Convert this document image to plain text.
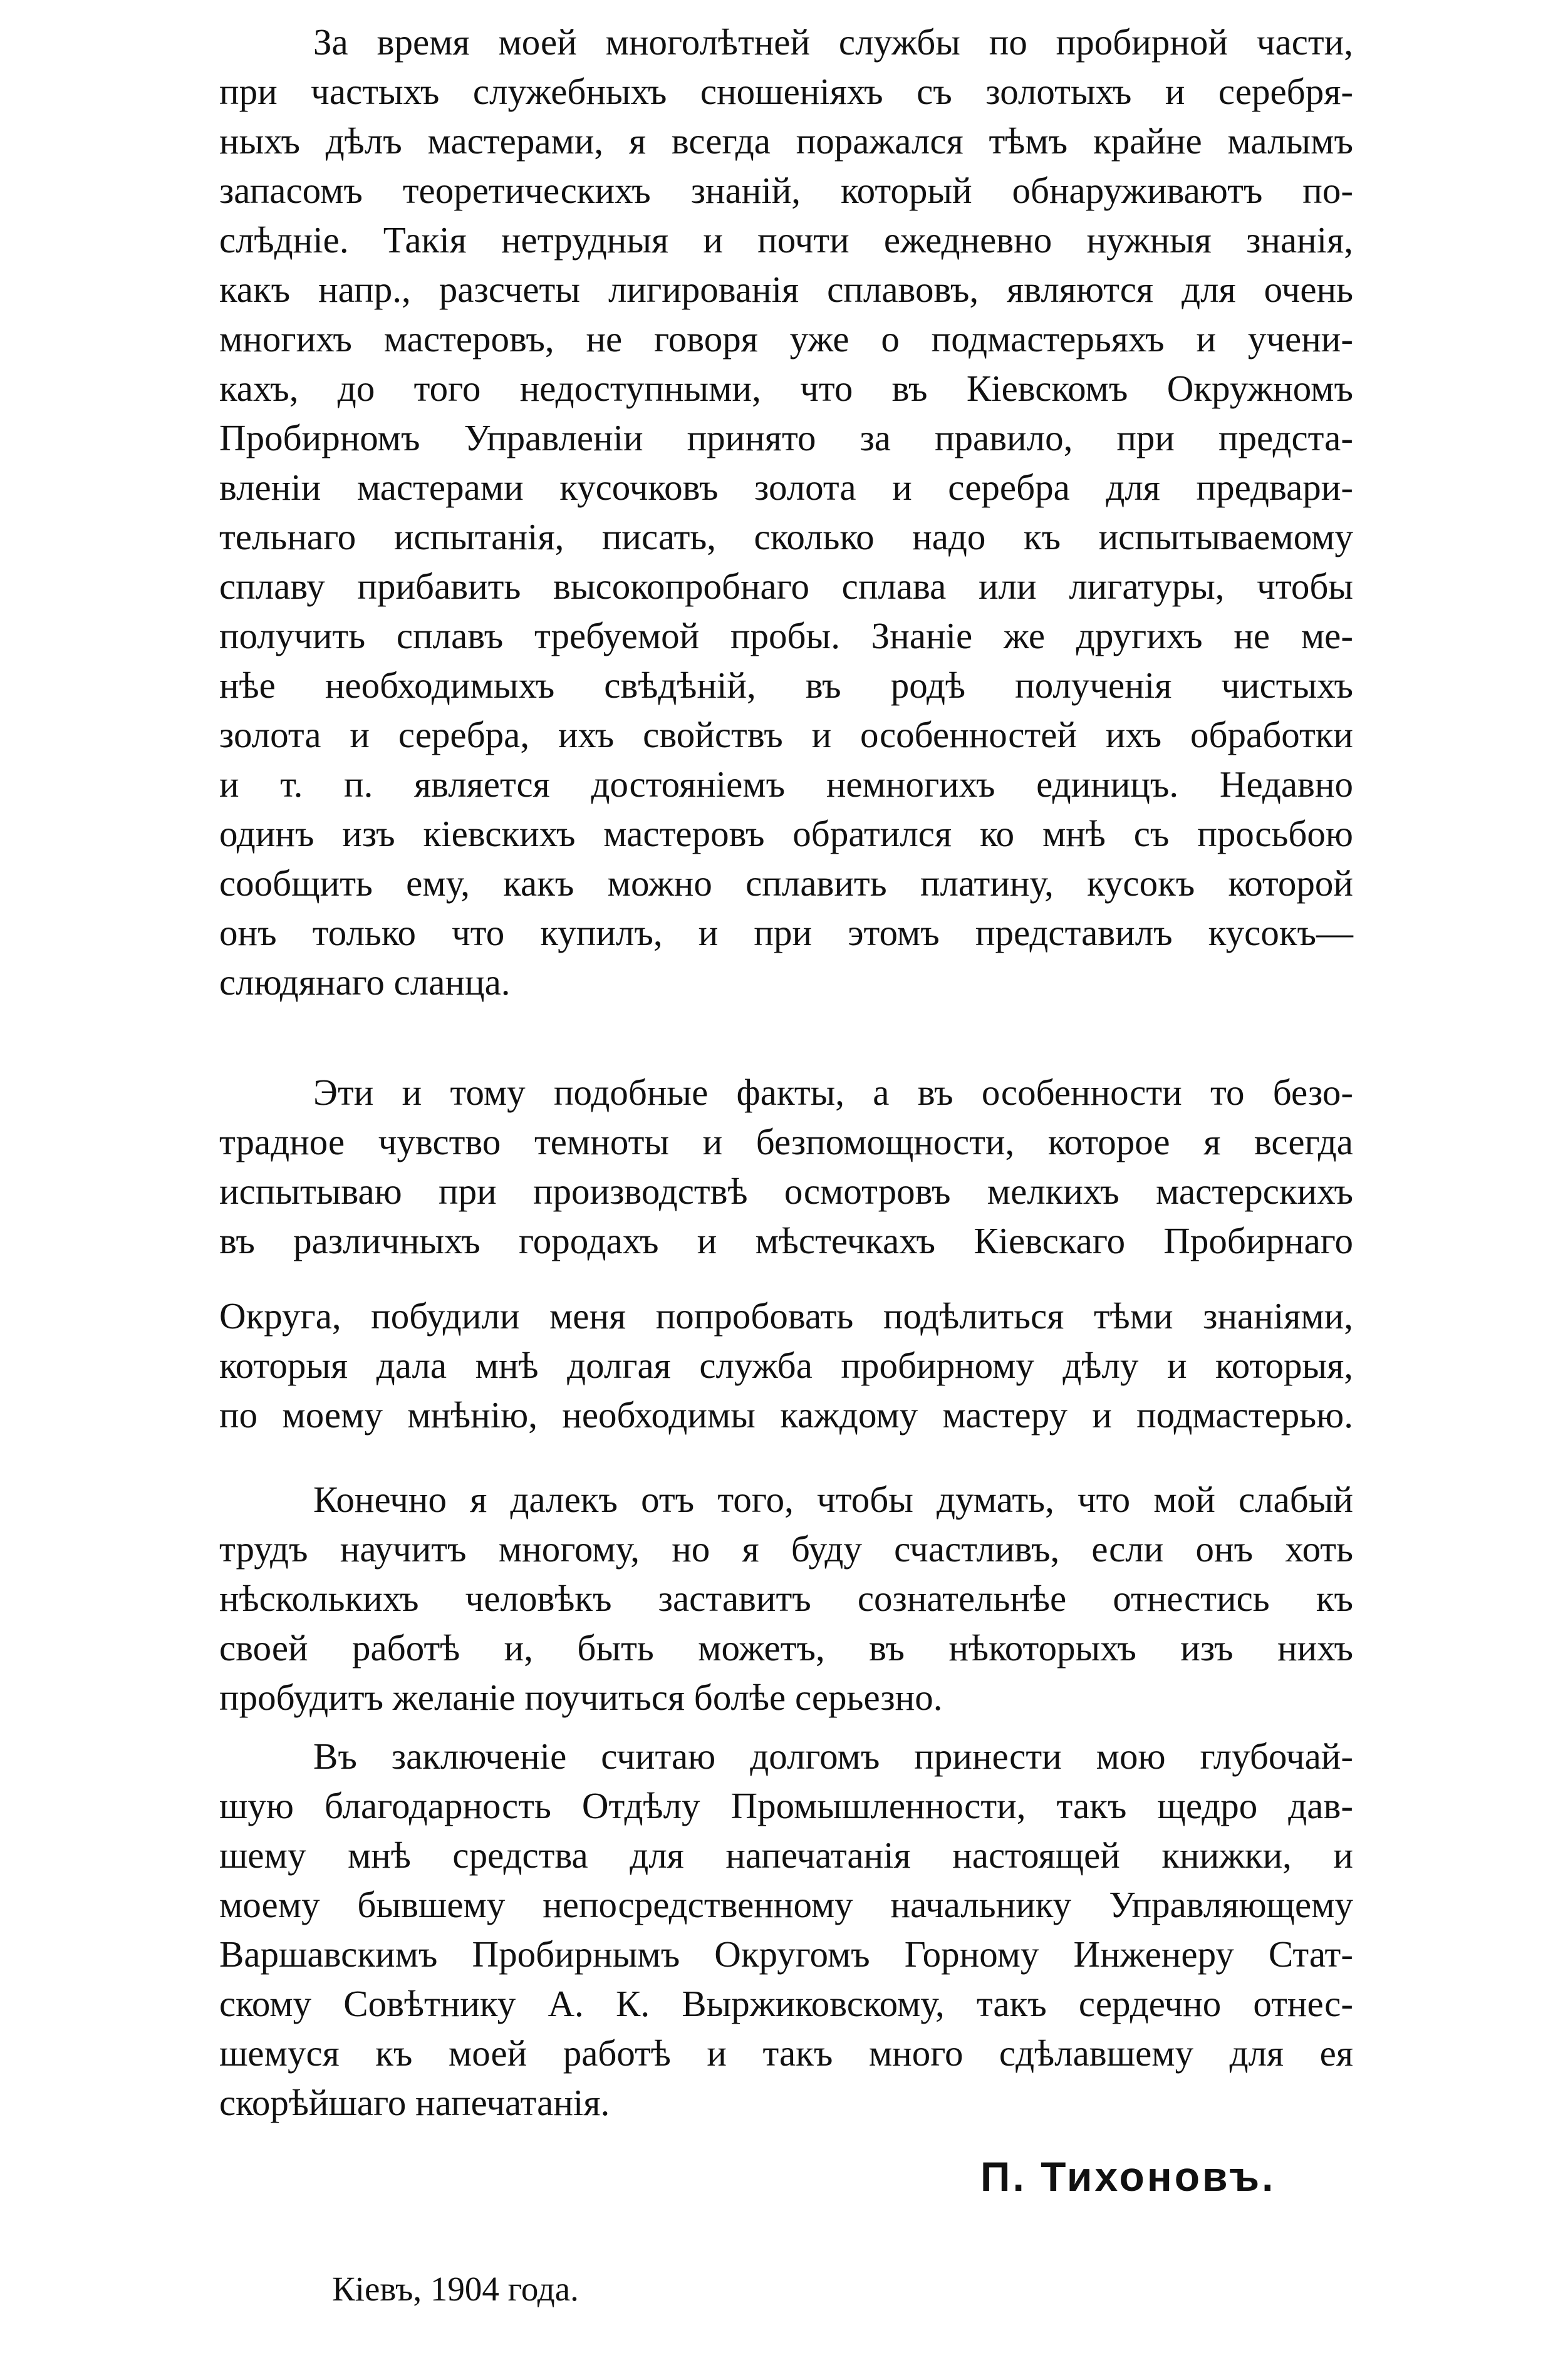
За время моей многолѣтней службы по пробирной части,
при частыхъ служебныхъ сношеніяхъ съ золотыхъ и серебря-
ныхъ дѣлъ мастерами, я всегда поражался тѣмъ крайне малымъ
запасомъ теоретическихъ знаній, который обнаруживаютъ по-
слѣдніе. Такія нетрудныя и почти ежедневно нужныя знанія,
какъ напр., разсчеты лигированія сплавовъ, являются для очень
многихъ мастеровъ, не говоря уже о подмастерьяхъ и учени-
кахъ, до того недоступными, что въ Кіевскомъ Окружномъ
Пробирномъ Управленіи принято за правило, при предста-
вленіи мастерами кусочковъ золота и серебра для предвари-
тельнаго испытанія, писать, сколько надо къ испытываемому
сплаву прибавить высокопробнаго сплава или лигатуры, чтобы
получить сплавъ требуемой пробы. Знаніе же другихъ не ме-
нѣе необходимыхъ свѣдѣній, въ родѣ полученія чистыхъ
золота и серебра, ихъ свойствъ и особенностей ихъ обработки
и т. п. является достояніемъ немногихъ единицъ. Недавно
одинъ изъ кіевскихъ мастеровъ обратился ко мнѣ съ просьбою
сообщить ему, какъ можно сплавить платину, кусокъ которой
онъ только что купилъ, и при этомъ представилъ кусокъ—
слюдянаго сланца.
Эти и тому подобные факты, а въ особенности то безо-
традное чувство темноты и безпомощности, которое я всегда
испытываю при производствѣ осмотровъ мелкихъ мастерскихъ
въ различныхъ городахъ и мѣстечкахъ Кіевскаго Пробирнаго
Округа, побудили меня попробовать подѣлиться тѣми знаніями,
которыя дала мнѣ долгая служба пробирному дѣлу и которыя,
по моему мнѣнію, необходимы каждому мастеру и подмастерью.
Конечно я далекъ отъ того, чтобы думать, что мой слабый
трудъ научитъ многому, но я буду счастливъ, если онъ хоть
нѣсколькихъ человѣкъ заставитъ сознательнѣе отнестись къ
своей работѣ и, быть можетъ, въ нѣкоторыхъ изъ нихъ
пробудитъ желаніе поучиться болѣе серьезно.
Въ заключеніе считаю долгомъ принести мою глубочай-
шую благодарность Отдѣлу Промышленности, такъ щедро дав-
шему мнѣ средства для напечатанія настоящей книжки, и
моему бывшему непосредственному начальнику Управляющему
Варшавскимъ Пробирнымъ Округомъ Горному Инженеру Стат-
скому Совѣтнику А. К. Выржиковскому, такъ сердечно отнес-
шемуся къ моей работѣ и такъ много сдѣлавшему для ея
скорѣйшаго напечатанія.
П. Тихоновъ.
Кіевъ, 1904 года.
